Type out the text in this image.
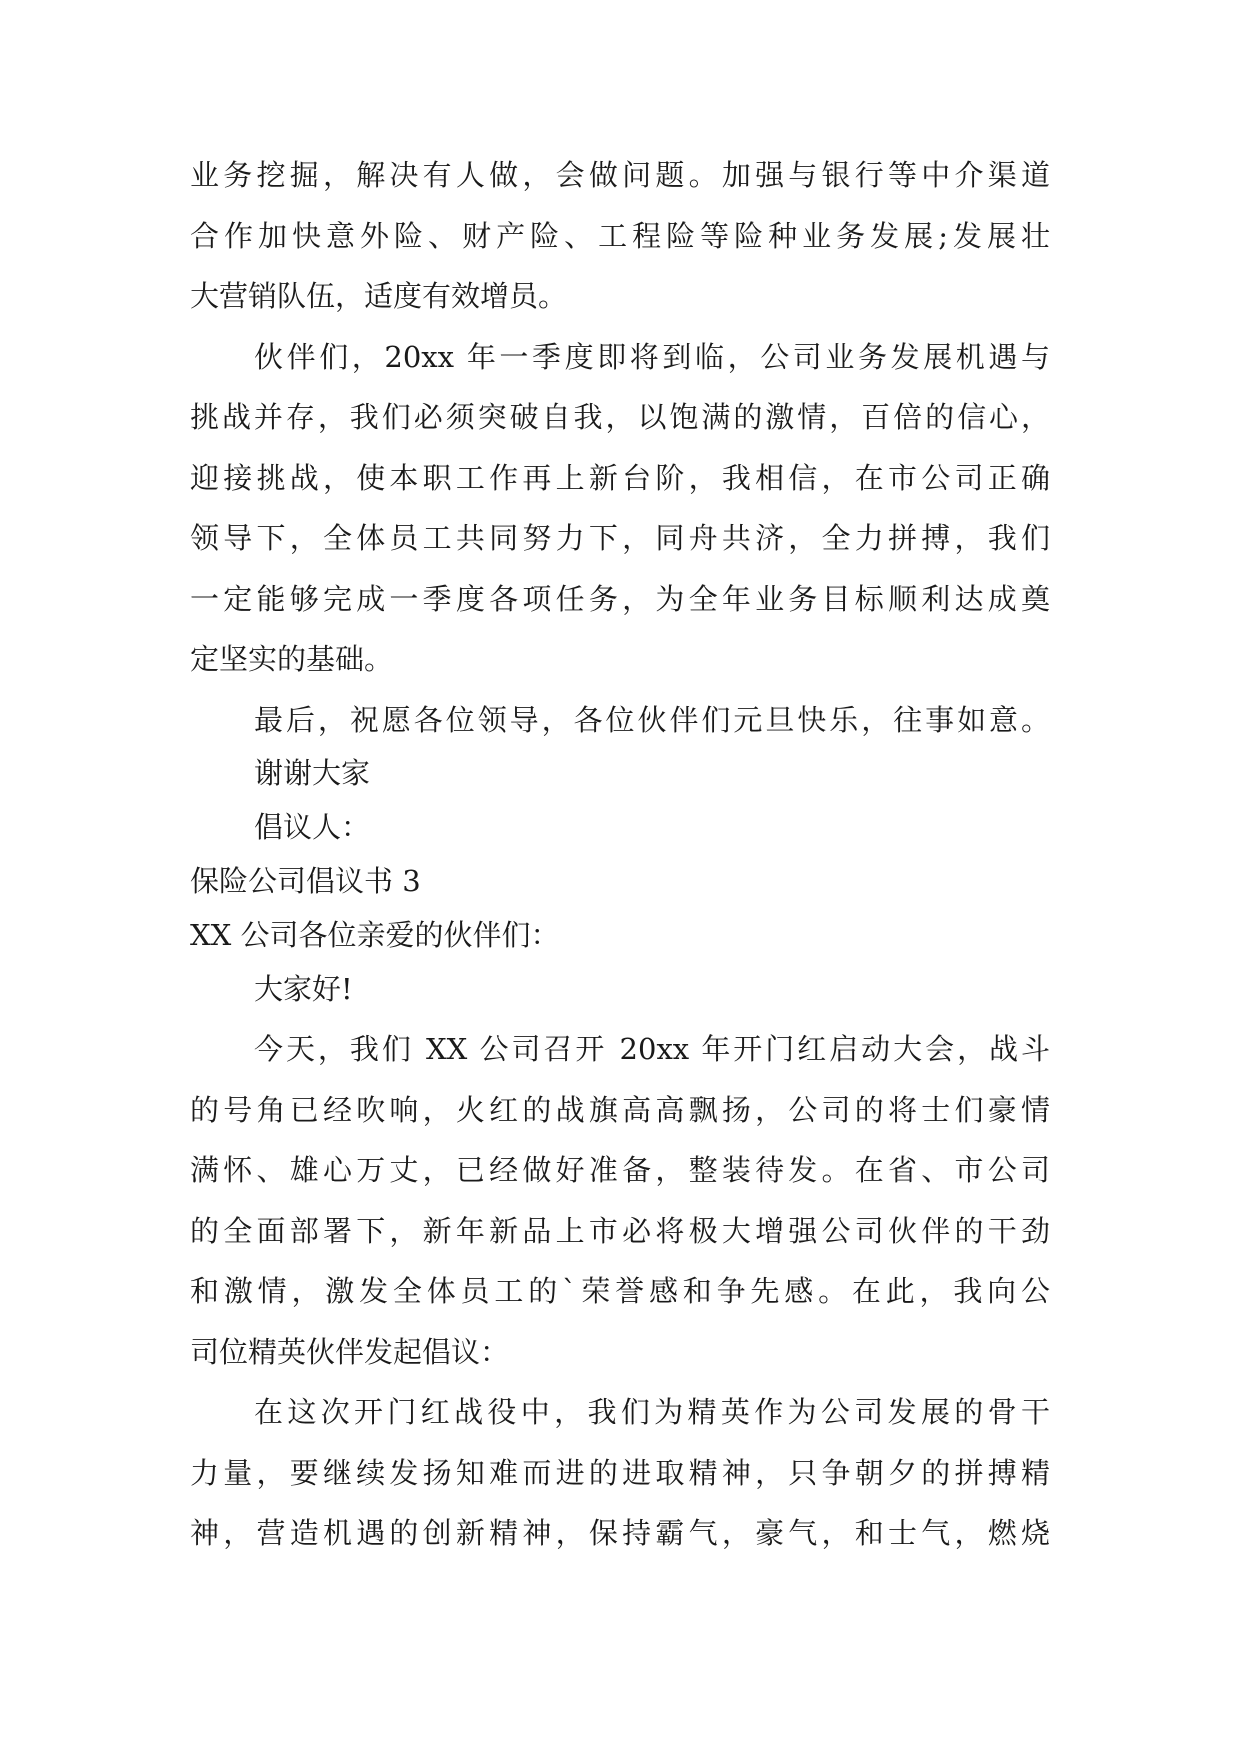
业务挖掘，解决有人做，会做问题。加强与银行等中介渠道
合作加快意外险、财产险、工程险等险种业务发展;发展壮
大营销队伍，适度有效增员。
伙伴们，20xx 年一季度即将到临，公司业务发展机遇与
挑战并存，我们必须突破自我，以饱满的激情，百倍的信心，
迎接挑战，使本职工作再上新台阶，我相信，在市公司正确
领导下，全体员工共同努力下，同舟共济，全力拼搏，我们
一定能够完成一季度各项任务，为全年业务目标顺利达成奠
定坚实的基础。
最后，祝愿各位领导，各位伙伴们元旦快乐，往事如意。
谢谢大家
倡议人：
保险公司倡议书 3
XX 公司各位亲爱的伙伴们：
大家好!
今天，我们 XX 公司召开 20xx 年开门红启动大会，战斗
的号角已经吹响，火红的战旗高高飘扬，公司的将士们豪情
满怀、雄心万丈，已经做好准备，整装待发。在省、市公司
的全面部署下，新年新品上市必将极大增强公司伙伴的干劲
和激情，激发全体员工的`荣誉感和争先感。在此，我向公
司位精英伙伴发起倡议：
在这次开门红战役中，我们为精英作为公司发展的骨干
力量，要继续发扬知难而进的进取精神，只争朝夕的拼搏精
神，营造机遇的创新精神，保持霸气，豪气，和士气，燃烧
